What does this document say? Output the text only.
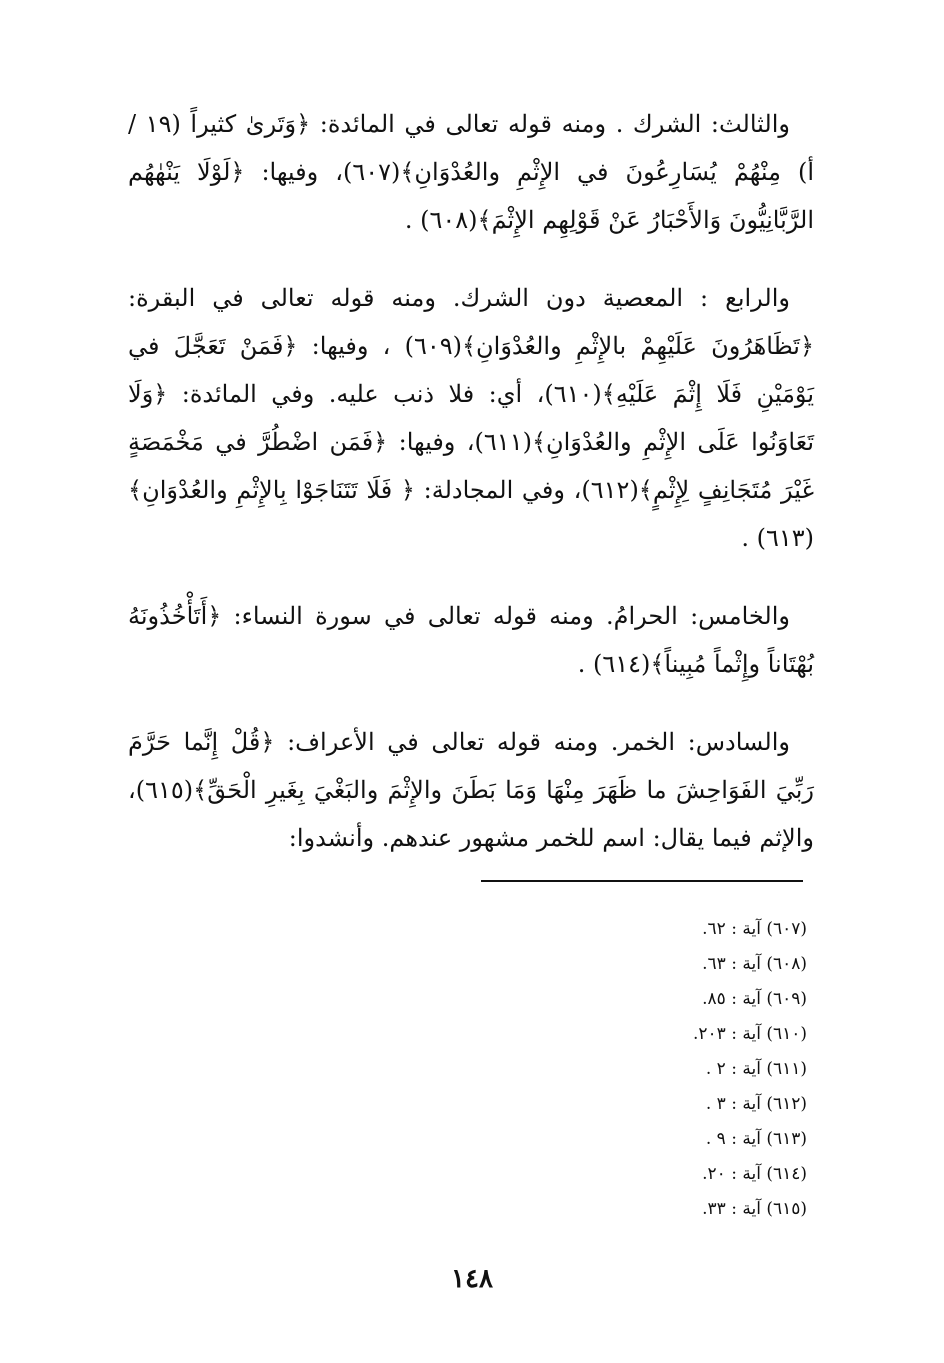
والثالث: الشرك . ومنه قوله تعالى في المائدة: ﴿وَتَرىٰ كثيراً (١٩ / أ) مِنْهُمْ يُسَارِعُونَ في الإِثْمِ والعُدْوَانِ﴾(٦٠٧)، وفيها: ﴿لَوْلَا يَنْهٰهُم الرَّبَّانِيُّونَ وَالأَحْبَارُ عَنْ قَوْلِهِم الإِثْمَ﴾(٦٠٨) .

والرابع : المعصية دون الشرك. ومنه قوله تعالى في البقرة: ﴿تَظَاهَرُونَ عَلَيْهِمْ بالإِثْمِ والعُدْوَانِ﴾(٦٠٩) ، وفيها: ﴿فَمَنْ تَعَجَّلَ في يَوْمَيْنِ فَلَا إِثْمَ عَلَيْهِ﴾(٦١٠)، أي: فلا ذنب عليه. وفي المائدة: ﴿وَلَا تَعَاوَنُوا عَلَى الإِثْمِ والعُدْوَانِ﴾(٦١١)، وفيها: ﴿فَمَن اضْطُرَّ في مَخْمَصَةٍ غَيْرَ مُتَجَانِفٍ لِإِثْمٍ﴾(٦١٢)، وفي المجادلة: ﴿ فَلَا تَتَنَاجَوْا بِالإِثْمِ والعُدْوَانِ﴾(٦١٣) .

والخامس: الحرامُ. ومنه قوله تعالى في سورة النساء: ﴿أَتَأْخُذُونَهُ بُهْتَاناً وإِثْماً مُبِيناً﴾(٦١٤) .

والسادس: الخمر. ومنه قوله تعالى في الأعراف: ﴿قُلْ إِنَّما حَرَّمَ رَبِّيَ الفَوَاحِشَ ما ظَهَرَ مِنْهَا وَمَا بَطَنَ والإِثْمَ والبَغْيَ بِغَيرِ الْحَقِّ﴾(٦١٥)، والإثم فيما يقال: اسم للخمر مشهور عندهم. وأنشدوا:

(٦٠٧) آية : ٦٢.
(٦٠٨) آية : ٦٣.
(٦٠٩) آية : ٨٥.
(٦١٠) آية : ٢٠٣.
(٦١١) آية : ٢ .
(٦١٢) آية : ٣ .
(٦١٣) آية : ٩ .
(٦١٤) آية : ٢٠.
(٦١٥) آية : ٣٣.
١٤٨
